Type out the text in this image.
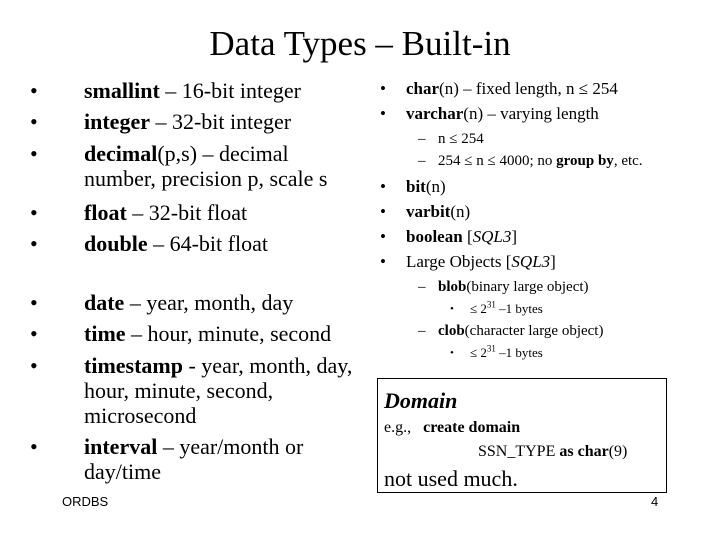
Data Types – Built-in
• smallint – 16-bit integer
• integer – 32-bit integer
• decimal(p,s) – decimal number, precision p, scale s
• float – 32-bit float
• double – 64-bit float
• date – year, month, day
• time – hour, minute, second
• timestamp - year, month, day, hour, minute, second, microsecond
• interval – year/month or day/time
• char(n) – fixed length, n ≤ 254
• varchar(n) – varying length
– n ≤ 254
– 254 ≤ n ≤ 4000; no group by, etc.
• bit(n)
• varbit(n)
• boolean [SQL3]
• Large Objects [SQL3]
– blob(binary large object)
• ≤ $2^{31}$ –1 bytes
– clob(character large object)
• ≤ $2^{31}$ –1 bytes
Domain
e.g., create domain
SSN_TYPE as char(9)
not used much.
ORDBS	4
